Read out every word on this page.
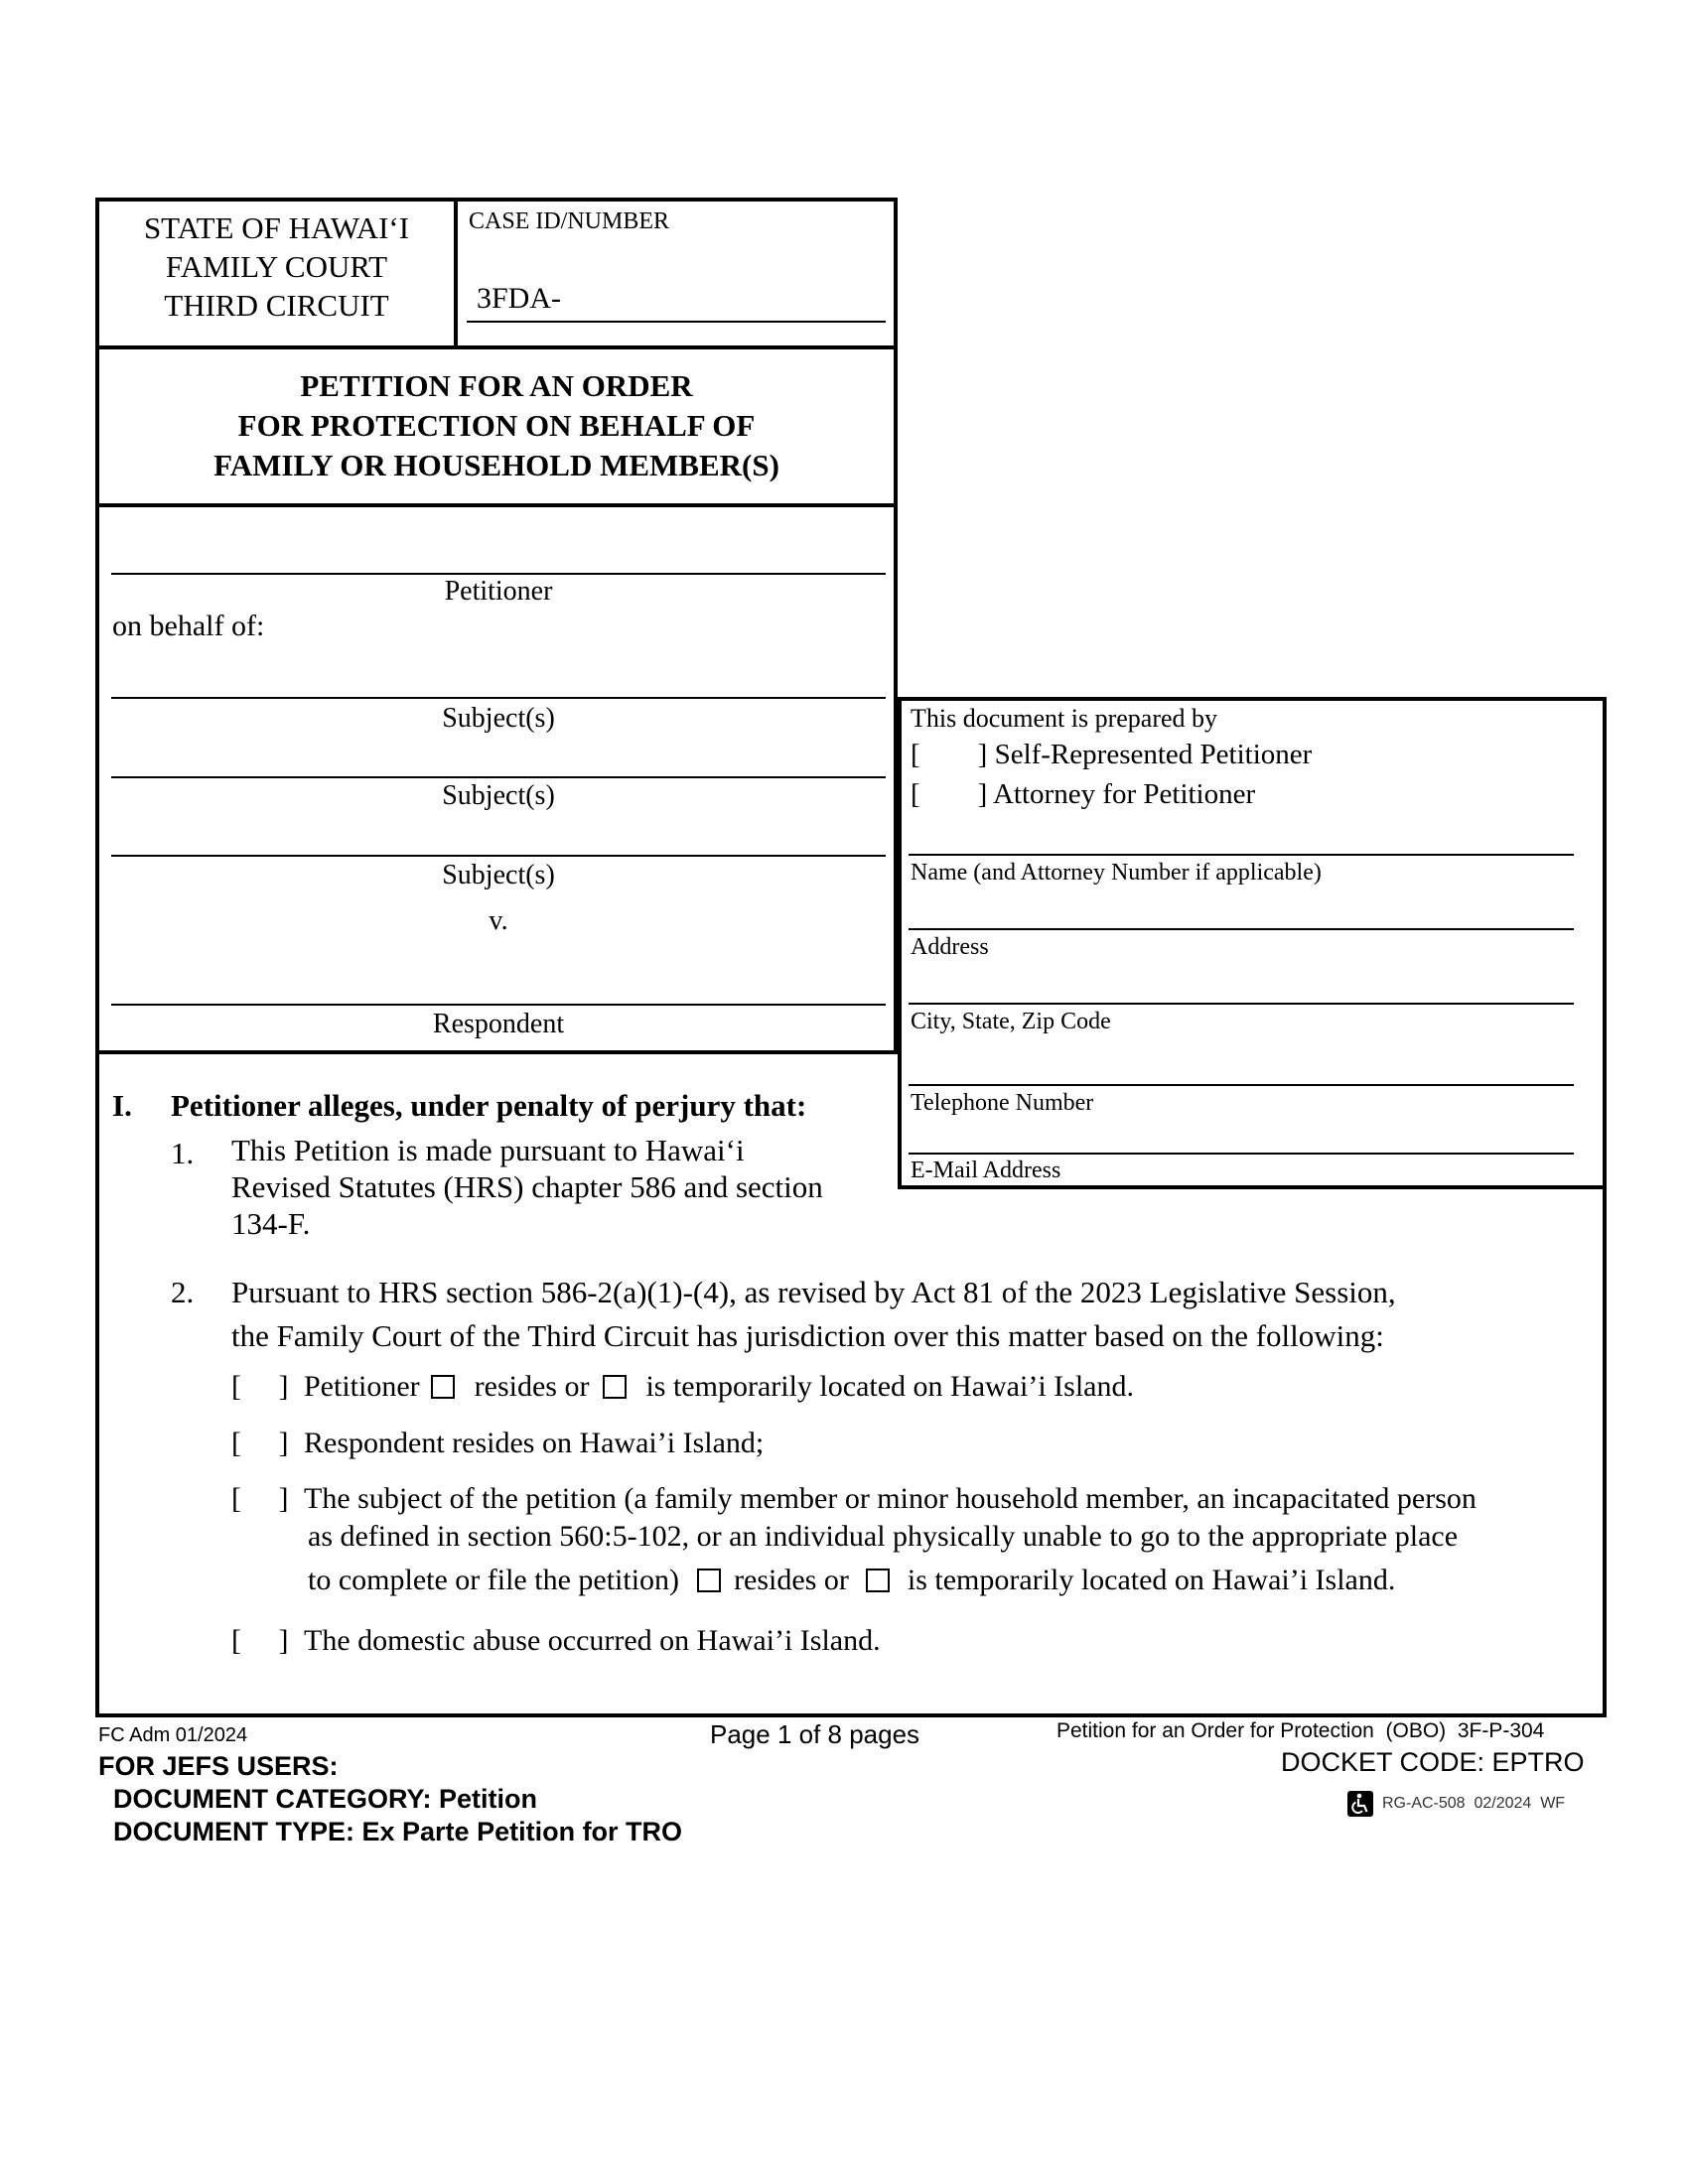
STATE OF HAWAI‘I
FAMILY COURT
THIRD CIRCUIT
CASE ID/NUMBER
3FDA-
PETITION FOR AN ORDER
FOR PROTECTION ON BEHALF OF
FAMILY OR HOUSEHOLD MEMBER(S)
Petitioner
on behalf of:
Subject(s)
Subject(s)
Subject(s)
v.
Respondent
This document is prepared by
[        ] Self-Represented Petitioner
[        ] Attorney for Petitioner
Name (and Attorney Number if applicable)
Address
City, State, Zip Code
Telephone Number
E-Mail Address
I. Petitioner alleges, under penalty of perjury that:
1. This Petition is made pursuant to Hawai‘i
Revised Statutes (HRS) chapter 586 and section
134-F.
2. Pursuant to HRS section 586-2(a)(1)-(4), as revised by Act 81 of the 2023 Legislative Session,
the Family Court of the Third Circuit has jurisdiction over this matter based on the following:
[     ] Petitioner resides or is temporarily located on Hawai’i Island.
[     ] Respondent resides on Hawai’i Island;
[     ] The subject of the petition (a family member or minor household member, an incapacitated person
as defined in section 560:5-102, or an individual physically unable to go to the appropriate place
to complete or file the petition) resides or is temporarily located on Hawai’i Island.
[     ] The domestic abuse occurred on Hawai’i Island.
FC Adm 01/2024	Page 1 of 8 pages	Petition for an Order for Protection  (OBO)  3F-P-304
DOCKET CODE: EPTRO
FOR JEFS USERS:
DOCUMENT CATEGORY: Petition
DOCUMENT TYPE: Ex Parte Petition for TRO
RG-AC-508  02/2024  WF
